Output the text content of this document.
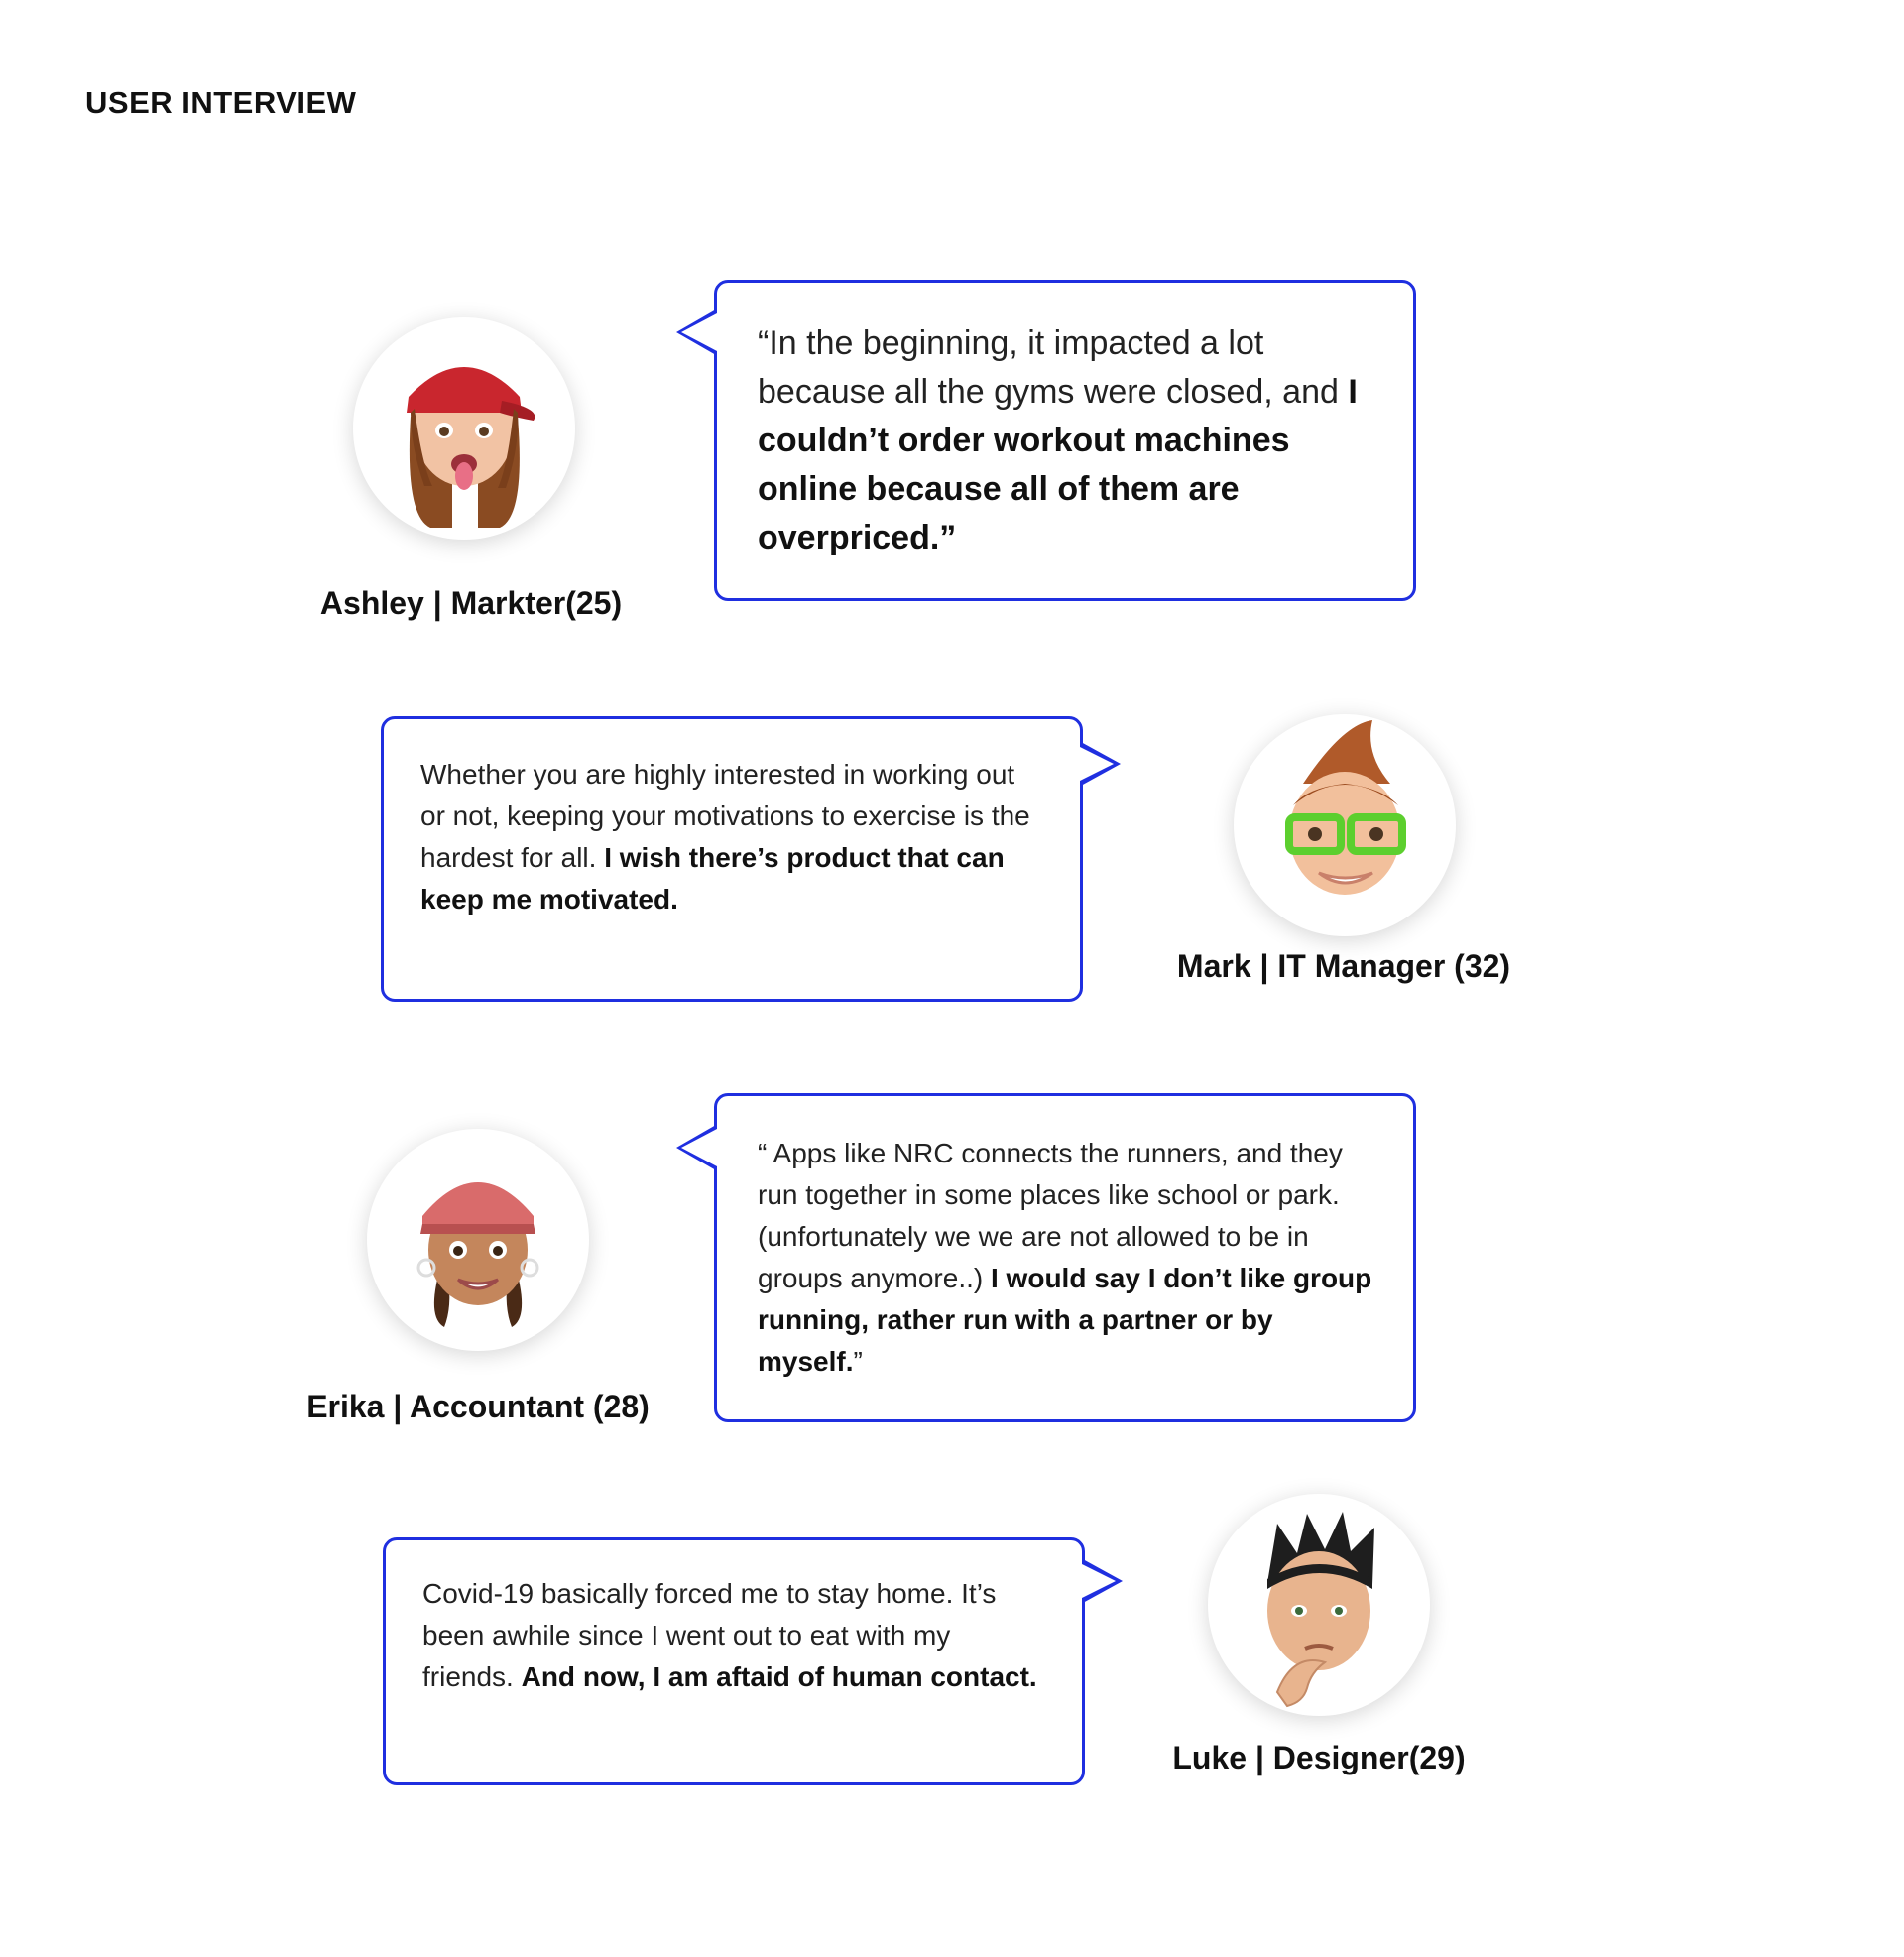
USER INTERVIEW
Ashley | Markter(25)

“In the beginning, it impacted a lot because all the gyms were closed, and I couldn’t order workout machines online because all of them are overpriced.”

Whether you are highly interested in working out or not, keeping your motivations to exercise is the hardest for all. I wish there’s product that can keep me motivated.

Mark | IT Manager (32)
Erika | Accountant (28)

“ Apps like NRC connects the runners, and they run together in some places like school or park.(unfortunately we we are not allowed to be in groups anymore..) I would say I don’t like group running, rather run with a partner or by myself.”

Covid-19 basically forced me to stay home. It’s been awhile since I went out to eat with my friends. And now, I am aftaid of human contact.

Luke | Designer(29)
